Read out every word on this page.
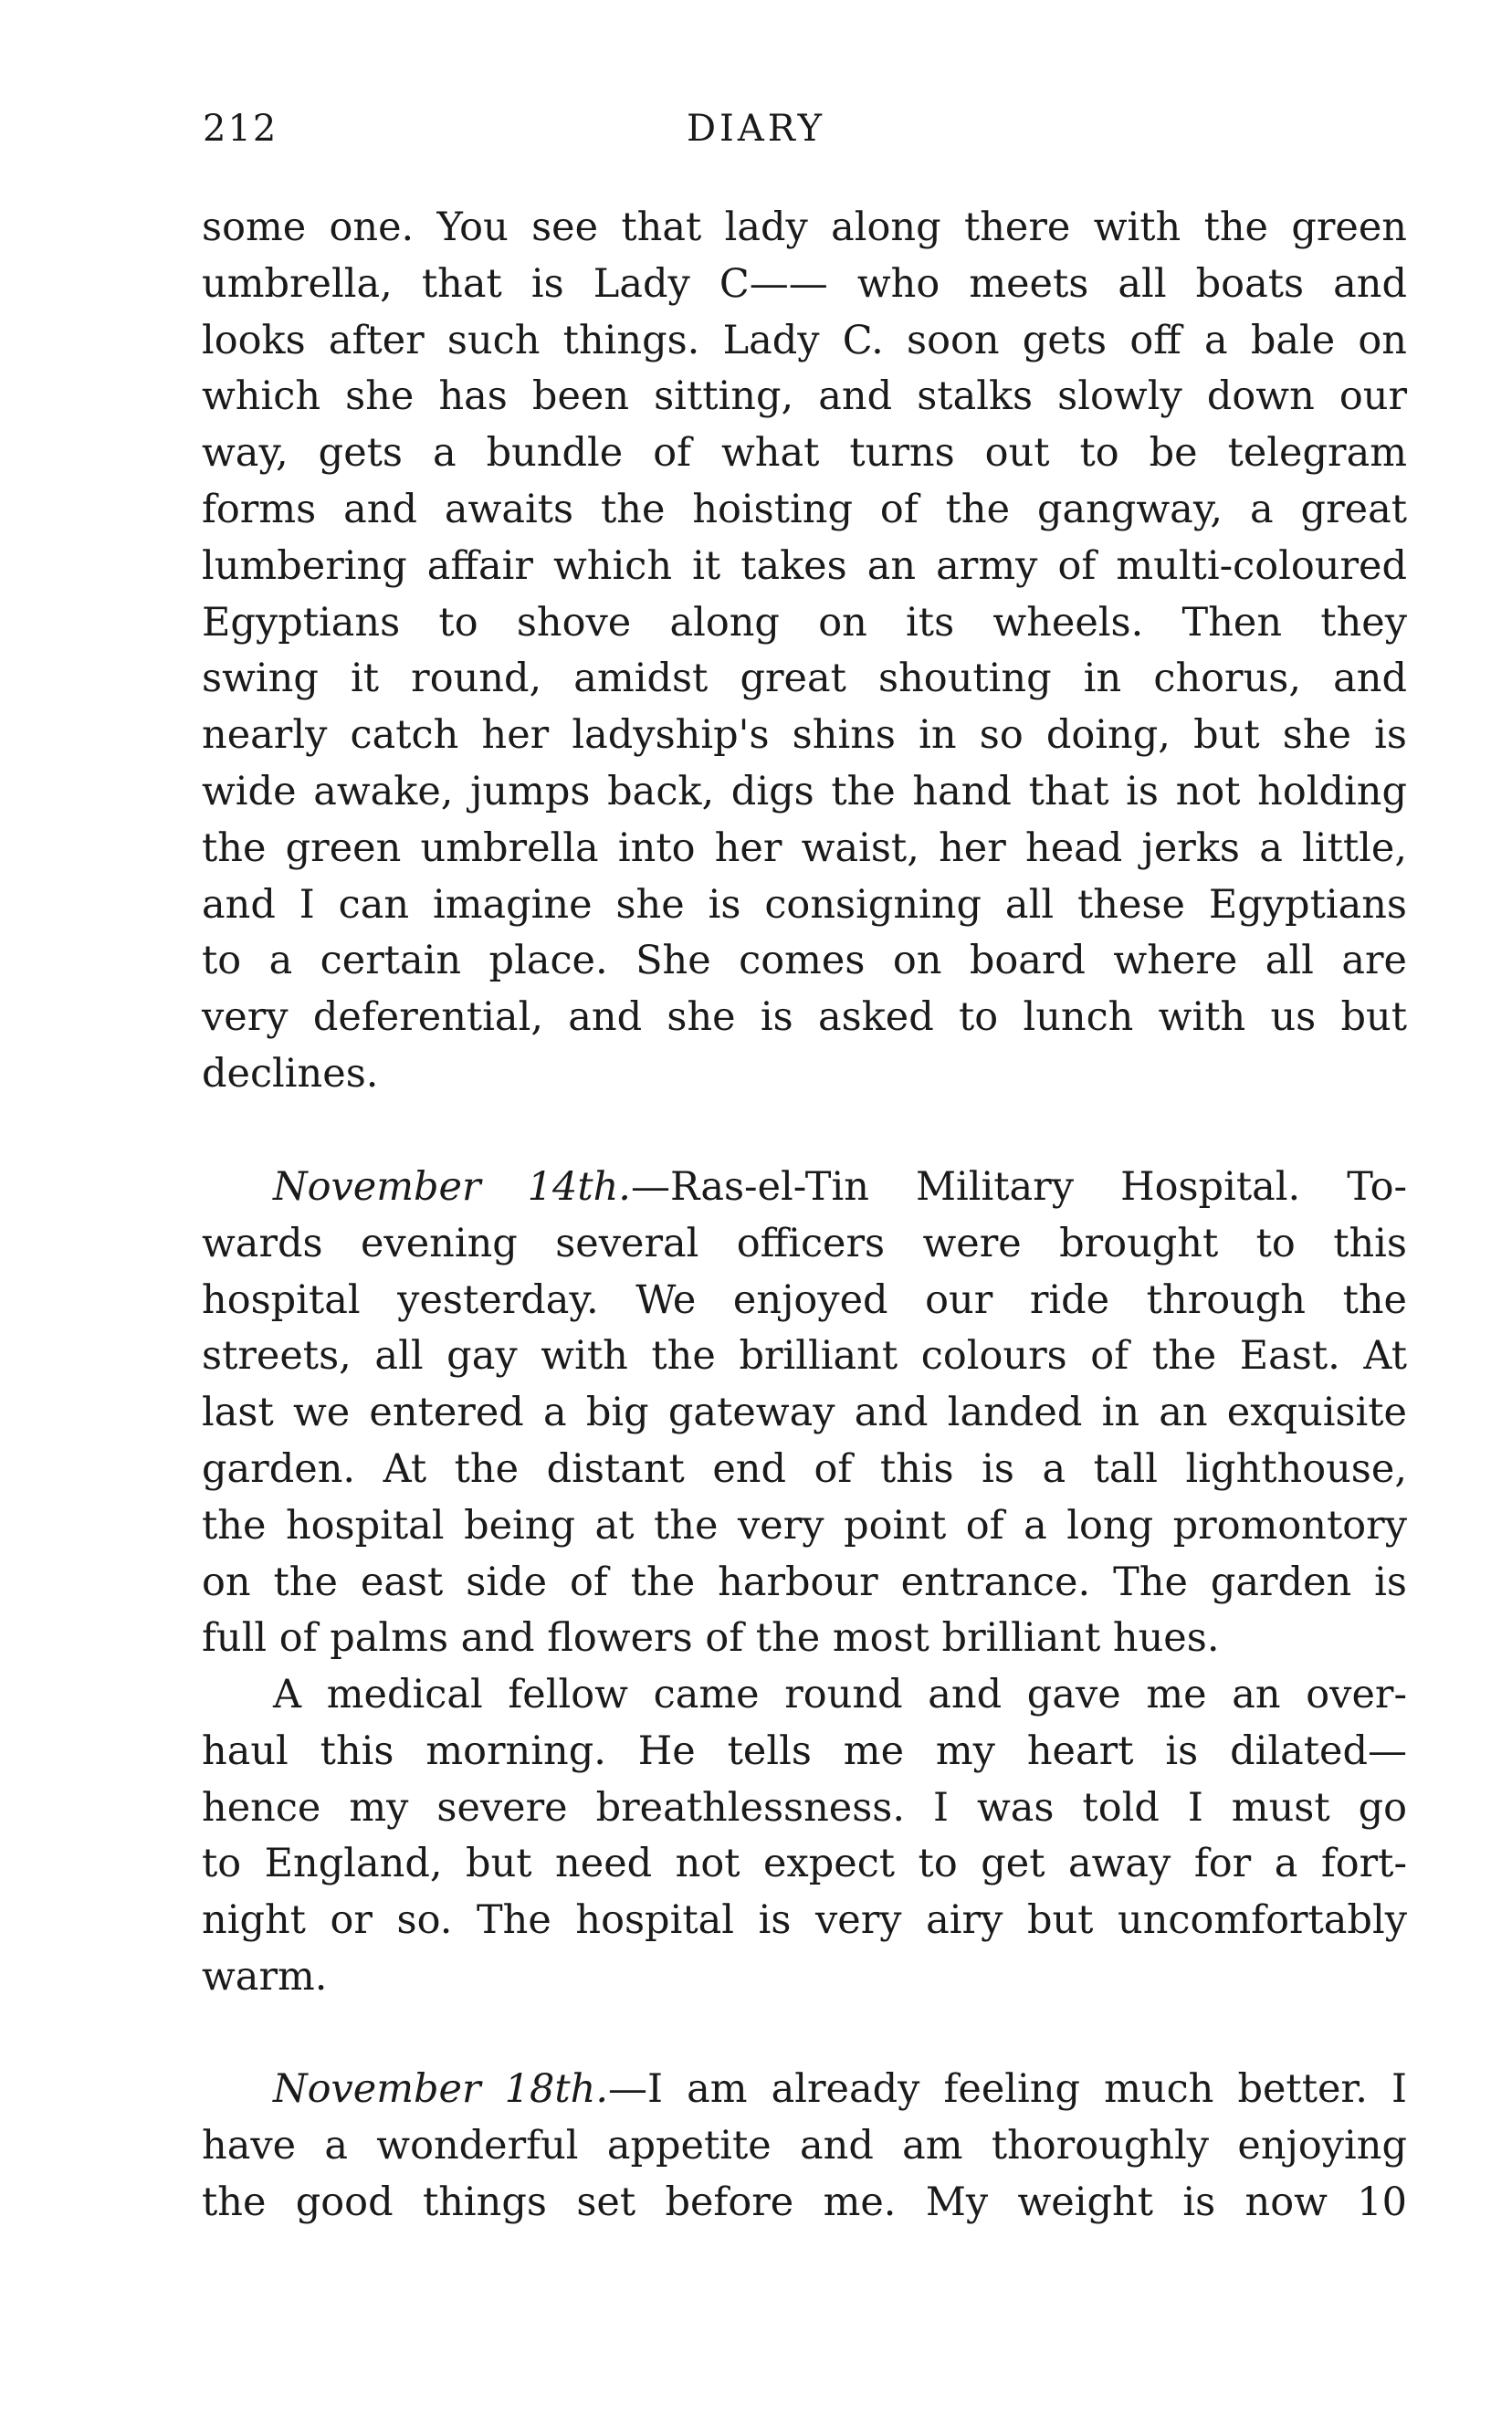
212	DIARY
some one. You see that lady along there with the green
umbrella, that is Lady C—— who meets all boats and
looks after such things. Lady C. soon gets off a bale on
which she has been sitting, and stalks slowly down our
way, gets a bundle of what turns out to be telegram
forms and awaits the hoisting of the gangway, a great
lumbering affair which it takes an army of multi-coloured
Egyptians to shove along on its wheels. Then they
swing it round, amidst great shouting in chorus, and
nearly catch her ladyship's shins in so doing, but she is
wide awake, jumps back, digs the hand that is not holding
the green umbrella into her waist, her head jerks a little,
and I can imagine she is consigning all these Egyptians
to a certain place. She comes on board where all are
very deferential, and she is asked to lunch with us but
declines.
November 14th.—Ras-el-Tin Military Hospital. To-
wards evening several officers were brought to this
hospital yesterday. We enjoyed our ride through the
streets, all gay with the brilliant colours of the East. At
last we entered a big gateway and landed in an exquisite
garden. At the distant end of this is a tall lighthouse,
the hospital being at the very point of a long promontory
on the east side of the harbour entrance. The garden is
full of palms and flowers of the most brilliant hues.
A medical fellow came round and gave me an over-
haul this morning. He tells me my heart is dilated—
hence my severe breathlessness. I was told I must go
to England, but need not expect to get away for a fort-
night or so. The hospital is very airy but uncomfortably
warm.
November 18th.—I am already feeling much better. I
have a wonderful appetite and am thoroughly enjoying
the good things set before me. My weight is now 10
